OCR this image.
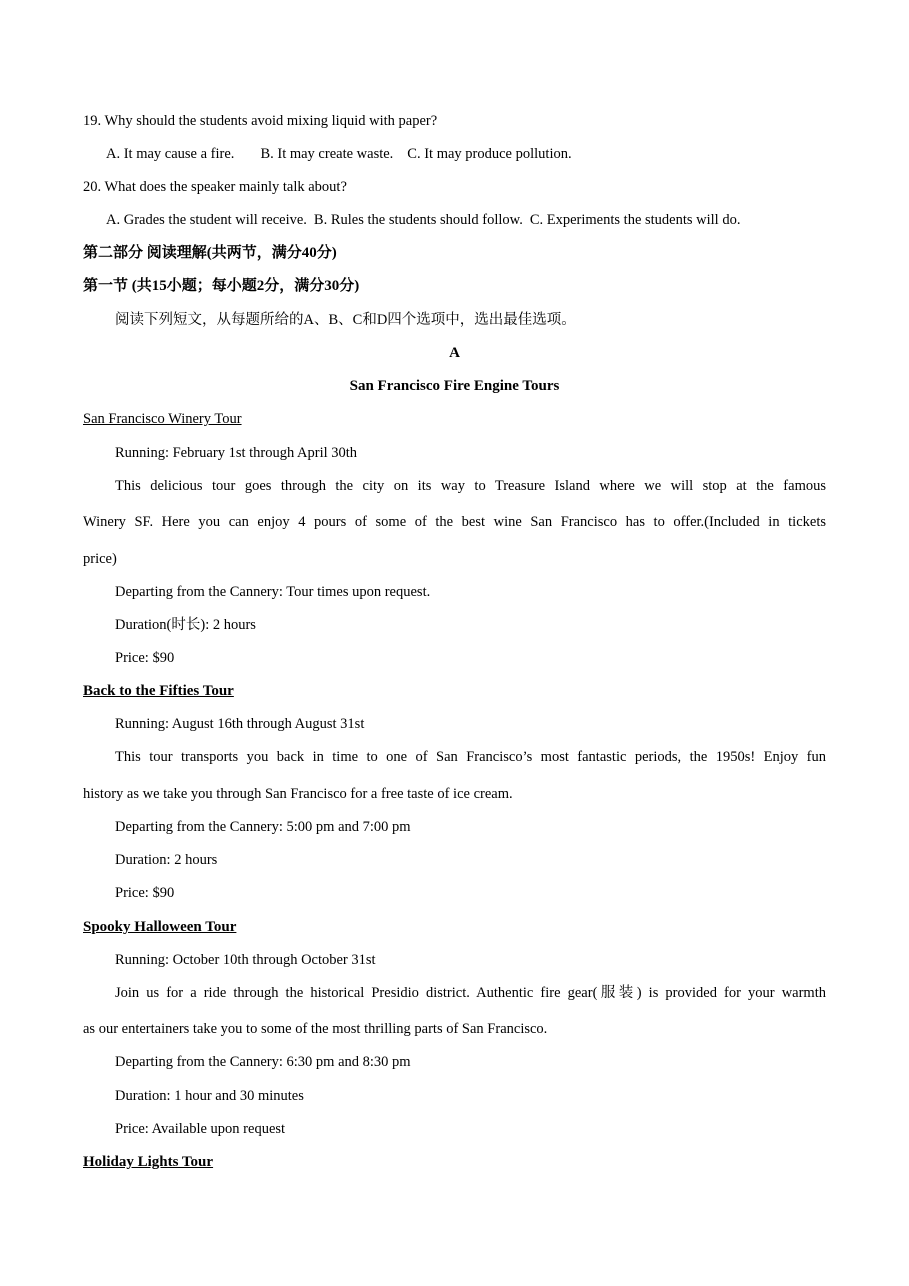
19. Why should the students avoid mixing liquid with paper?
A. It may cause a fire. B. It may create waste. C. It may produce pollution.
20. What does the speaker mainly talk about?
A. Grades the student will receive. B. Rules the students should follow. C. Experiments the students will do.
第二部分 阅读理解(共两节，满分40分)
第一节 (共15小题；每小题2分，满分30分)
阅读下列短文，从每题所给的A、B、C和D四个选项中，选出最佳选项。
A
San Francisco Fire Engine Tours
San Francisco Winery Tour
Running: February 1st through April 30th
This delicious tour goes through the city on its way to Treasure Island where we will stop at the famous
Winery SF. Here you can enjoy 4 pours of some of the best wine San Francisco has to offer.(Included in tickets
price)
Departing from the Cannery: Tour times upon request.
Duration(时长): 2 hours
Price: $90
Back to the Fifties Tour
Running: August 16th through August 31st
This tour transports you back in time to one of San Francisco’s most fantastic periods, the 1950s! Enjoy fun
history as we take you through San Francisco for a free taste of ice cream.
Departing from the Cannery: 5:00 pm and 7:00 pm
Duration: 2 hours
Price: $90
Spooky Halloween Tour
Running: October 10th through October 31st
Join us for a ride through the historical Presidio district. Authentic fire gear(服装) is provided for your warmth
as our entertainers take you to some of the most thrilling parts of San Francisco.
Departing from the Cannery: 6:30 pm and 8:30 pm
Duration: 1 hour and 30 minutes
Price: Available upon request
Holiday Lights Tour
